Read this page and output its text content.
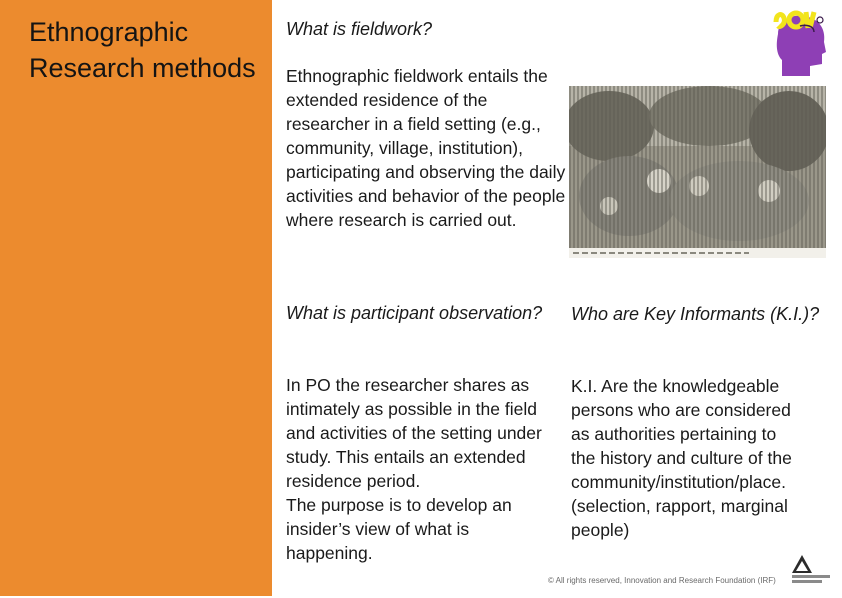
Ethnographic Research methods
What is fieldwork?
Ethnographic fieldwork entails the extended residence of the researcher in a field setting (e.g., community, village, institution), participating and observing the daily activities and behavior of the people where research is carried out.
What is participant observation?
In PO the researcher shares as intimately as possible in the field and activities of the setting under study. This entails an extended residence period.
The purpose is to develop an insider’s view of what is happening.
Who are Key Informants (K.I.)?
K.I. Are the knowledgeable persons who are considered as authorities pertaining to the history and culture of the community/institution/place. (selection, rapport, marginal people)
© All rights reserved, Innovation and Research Foundation (IRF)
